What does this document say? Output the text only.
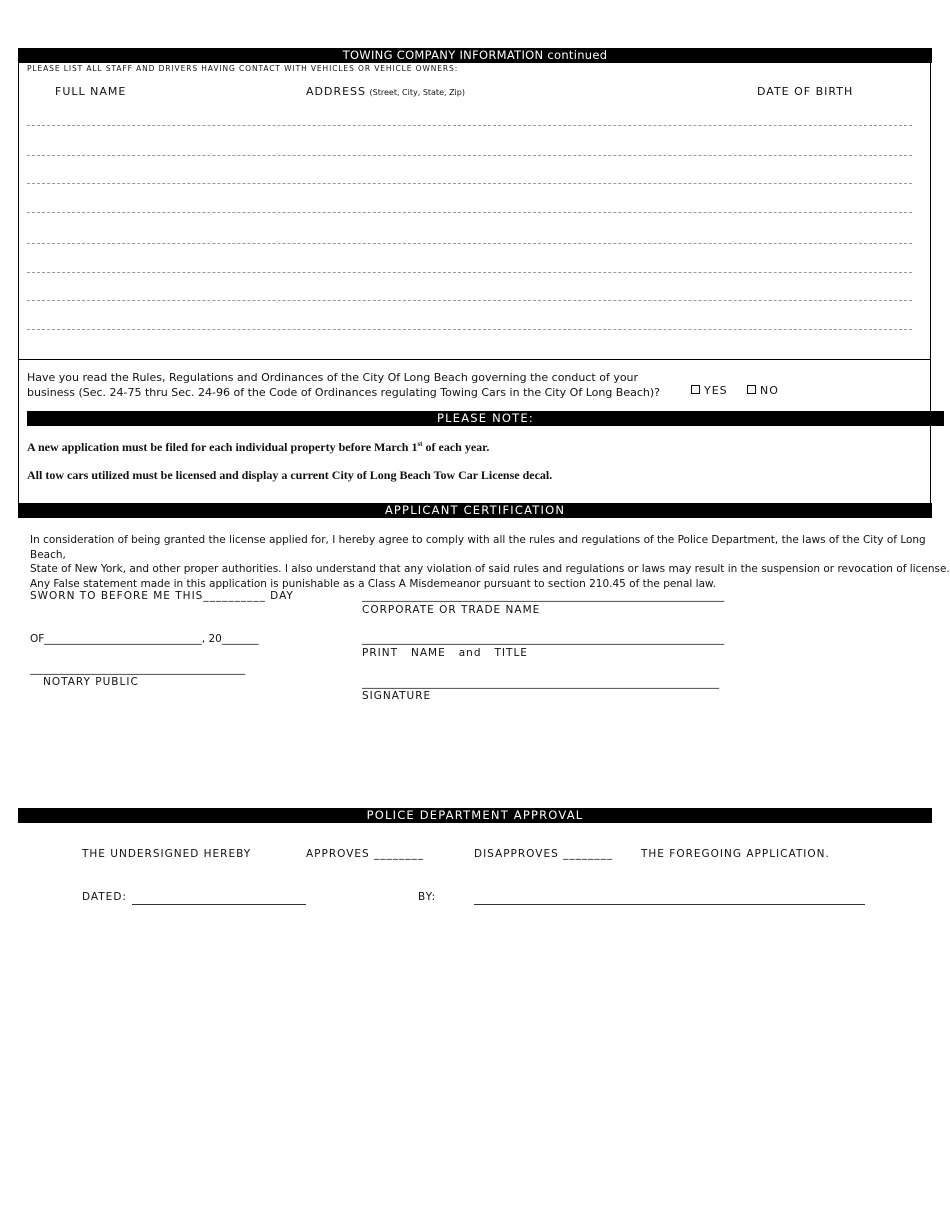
TOWING COMPANY INFORMATION continued
PLEASE LIST ALL STAFF AND DRIVERS HAVING CONTACT WITH VEHICLES OR VEHICLE OWNERS:
FULL NAME	ADDRESS (Street, City, State, Zip)	DATE OF BIRTH
Have you read the Rules, Regulations and Ordinances of the City Of Long Beach governing the conduct of your
business (Sec. 24-75 thru Sec. 24-96 of the Code of Ordinances regulating Towing Cars in the City Of Long Beach)?	YES	NO
PLEASE NOTE:
A new application must be filed for each individual property before March 1st of each year.
All tow cars utilized must be licensed and display a current City of Long Beach Tow Car License decal.
APPLICANT CERTIFICATION
In consideration of being granted the license applied for, I hereby agree to comply with all the rules and regulations of the Police Department, the laws of the City of Long Beach,
State of New York, and other proper authorities. I also understand that any violation of said rules and regulations or laws may result in the suspension or revocation of license.
Any False statement made in this application is punishable as a Class A Misdemeanor pursuant to section 210.45 of the penal law.
SWORN TO BEFORE ME THIS__________ DAY
OF______________________________, 20_______
_________________________________________
NOTARY PUBLIC
_____________________________________________________________________
CORPORATE OR TRADE NAME
_____________________________________________________________________
PRINT   NAME   and   TITLE
____________________________________________________________________
SIGNATURE
POLICE DEPARTMENT APPROVAL
THE UNDERSIGNED HEREBY	APPROVES ________	DISAPPROVES ________	THE FOREGOING APPLICATION.
DATED:	BY:
